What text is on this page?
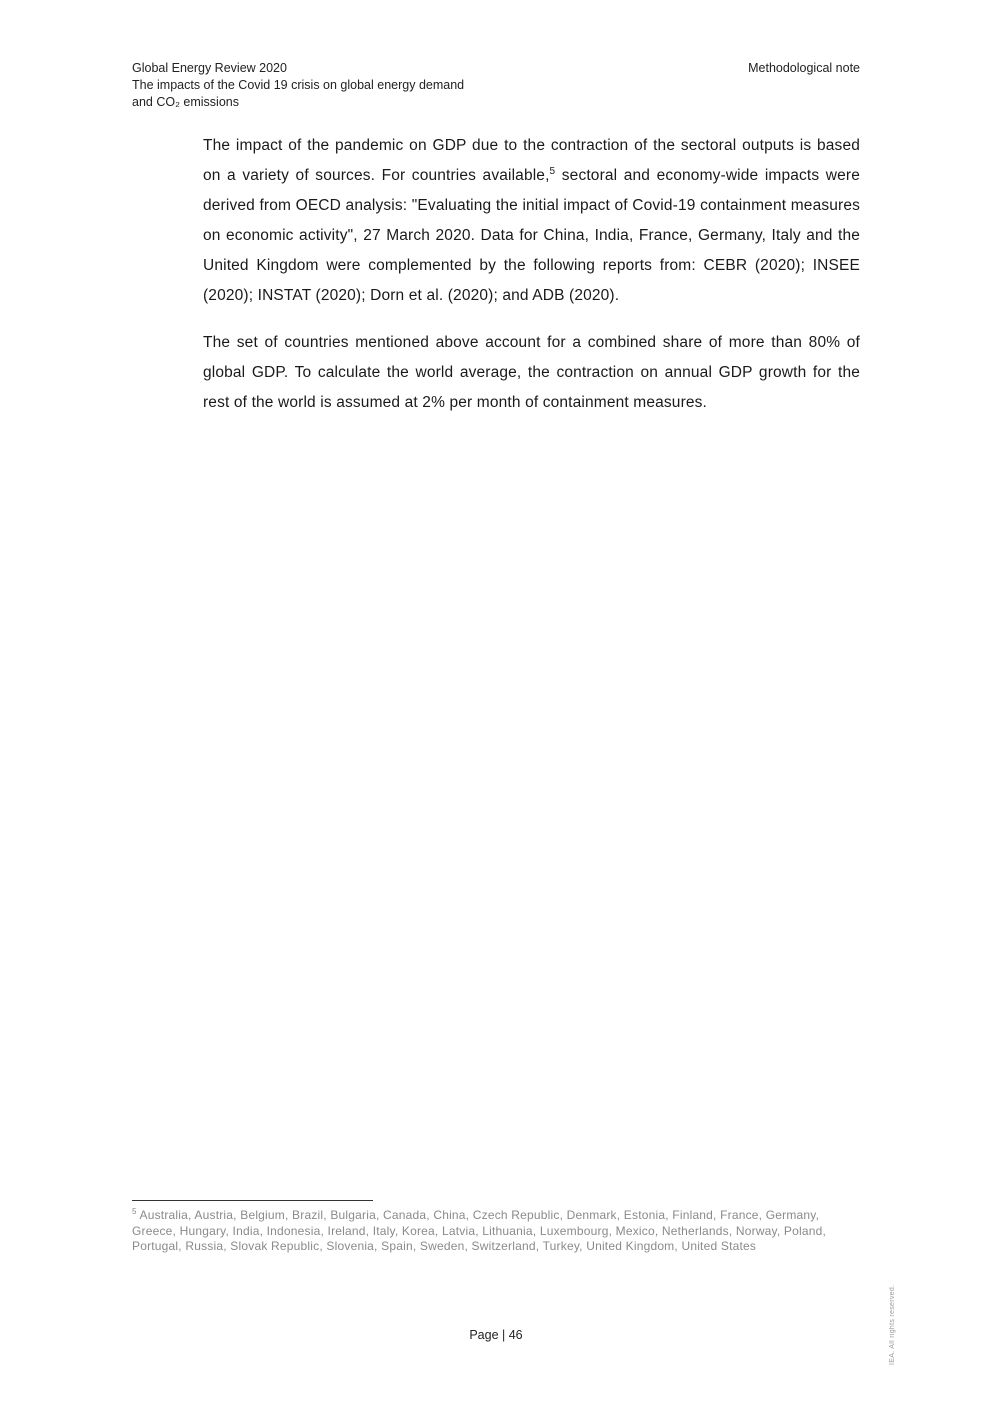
Global Energy Review 2020
The impacts of the Covid 19 crisis on global energy demand
and CO₂ emissions
Methodological note

The impact of the pandemic on GDP due to the contraction of the sectoral outputs is based on a variety of sources. For countries available,$^5$ sectoral and economy-wide impacts were derived from OECD analysis: "Evaluating the initial impact of Covid-19 containment measures on economic activity", 27 March 2020. Data for China, India, France, Germany, Italy and the United Kingdom were complemented by the following reports from: CEBR (2020); INSEE (2020); INSTAT (2020); Dorn et al. (2020); and ADB (2020).

The set of countries mentioned above account for a combined share of more than 80% of global GDP. To calculate the world average, the contraction on annual GDP growth for the rest of the world is assumed at 2% per month of containment measures.

$^5$ Australia, Austria, Belgium, Brazil, Bulgaria, Canada, China, Czech Republic, Denmark, Estonia, Finland, France, Germany, Greece, Hungary, India, Indonesia, Ireland, Italy, Korea, Latvia, Lithuania, Luxembourg, Mexico, Netherlands, Norway, Poland, Portugal, Russia, Slovak Republic, Slovenia, Spain, Sweden, Switzerland, Turkey, United Kingdom, United States
Page | 46	IEA. All rights reserved.
